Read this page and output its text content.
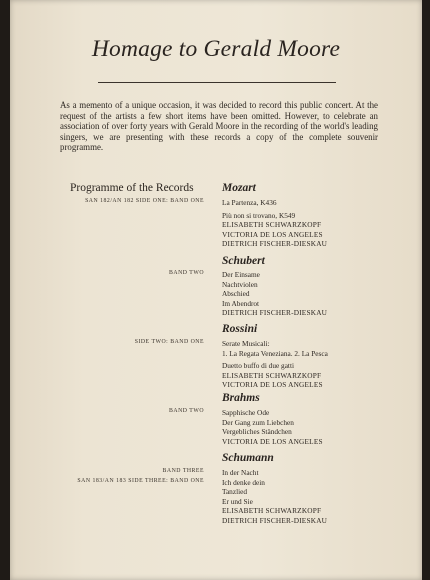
Homage to Gerald Moore
As a memento of a unique occasion, it was decided to record this public concert. At the request of the artists a few short items have been omitted. However, to celebrate an association of over forty years with Gerald Moore in the recording of the world's leading singers, we are presenting with these records a copy of the complete souvenir programme.
Programme of the Records Mozart
SAN 182/AN 182 SIDE ONE: BAND ONE La Partenza, K436
Più non si trovano, K549
ELISABETH SCHWARZKOPF
VICTORIA DE LOS ANGELES
DIETRICH FISCHER-DIESKAU
Schubert
BAND TWO Der Einsame
Nachtviolen
Abschied
Im Abendrot
DIETRICH FISCHER-DIESKAU
Rossini
SIDE TWO: BAND ONE Serate Musicali:
1. La Regata Veneziana. 2. La Pesca
Duetto buffo di due gatti
ELISABETH SCHWARZKOPF
VICTORIA DE LOS ANGELES
Brahms
BAND TWO Sapphische Ode
Der Gang zum Liebchen
Vergebliches Ständchen
VICTORIA DE LOS ANGELES
Schumann
BAND THREE
SAN 183/AN 183 SIDE THREE: BAND ONE
In der Nacht
Ich denke dein
Tanzlied
Er und Sie
ELISABETH SCHWARZKOPF
DIETRICH FISCHER-DIESKAU
